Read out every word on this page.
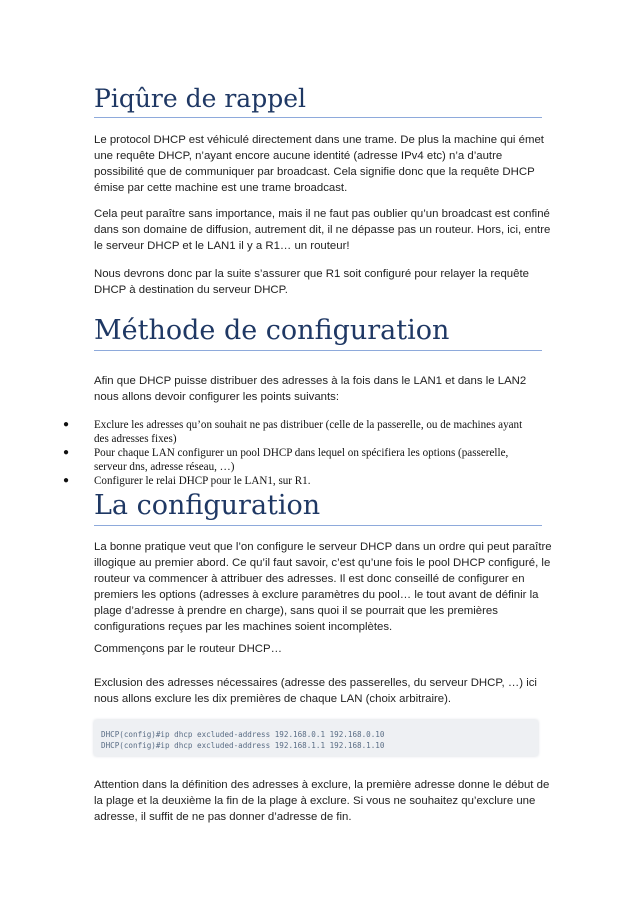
Piqûre de rappel

Le protocol DHCP est véhiculé directement dans une trame. De plus la machine qui émet une requête DHCP, n’ayant encore aucune identité (adresse IPv4 etc) n’a d’autre possibilité que de communiquer par broadcast. Cela signifie donc que la requête DHCP émise par cette machine est une trame broadcast.

Cela peut paraître sans importance, mais il ne faut pas oublier qu’un broadcast est confiné dans son domaine de diffusion, autrement dit, il ne dépasse pas un routeur. Hors, ici, entre le serveur DHCP et le LAN1 il y a R1… un routeur!

Nous devrons donc par la suite s’assurer que R1 soit configuré pour relayer la requête DHCP à destination du serveur DHCP.

Méthode de configuration

Afin que DHCP puisse distribuer des adresses à la fois dans le LAN1 et dans le LAN2 nous allons devoir configurer les points suivants:

● Exclure les adresses qu’on souhait ne pas distribuer (celle de la passerelle, ou de machines ayant des adresses fixes)
● Pour chaque LAN configurer un pool DHCP dans lequel on spécifiera les options (passerelle, serveur dns, adresse réseau, …)
● Configurer le relai DHCP pour le LAN1, sur R1.
La configuration

La bonne pratique veut que l’on configure le serveur DHCP dans un ordre qui peut paraître illogique au premier abord. Ce qu’il faut savoir, c’est qu’une fois le pool DHCP configuré, le routeur va commencer à attribuer des adresses. Il est donc conseillé de configurer en premiers les options (adresses à exclure paramètres du pool… le tout avant de définir la plage d’adresse à prendre en charge), sans quoi il se pourrait que les premières configurations reçues par les machines soient incomplètes.

Commençons par le routeur DHCP…

Exclusion des adresses nécessaires (adresse des passerelles, du serveur DHCP, …) ici nous allons exclure les dix premières de chaque LAN (choix arbitraire).

DHCP(config)#ip dhcp excluded-address 192.168.0.1 192.168.0.10
DHCP(config)#ip dhcp excluded-address 192.168.1.1 192.168.1.10

Attention dans la définition des adresses à exclure, la première adresse donne le début de la plage et la deuxième la fin de la plage à exclure. Si vous ne souhaitez qu’exclure une adresse, il suffit de ne pas donner d’adresse de fin.
